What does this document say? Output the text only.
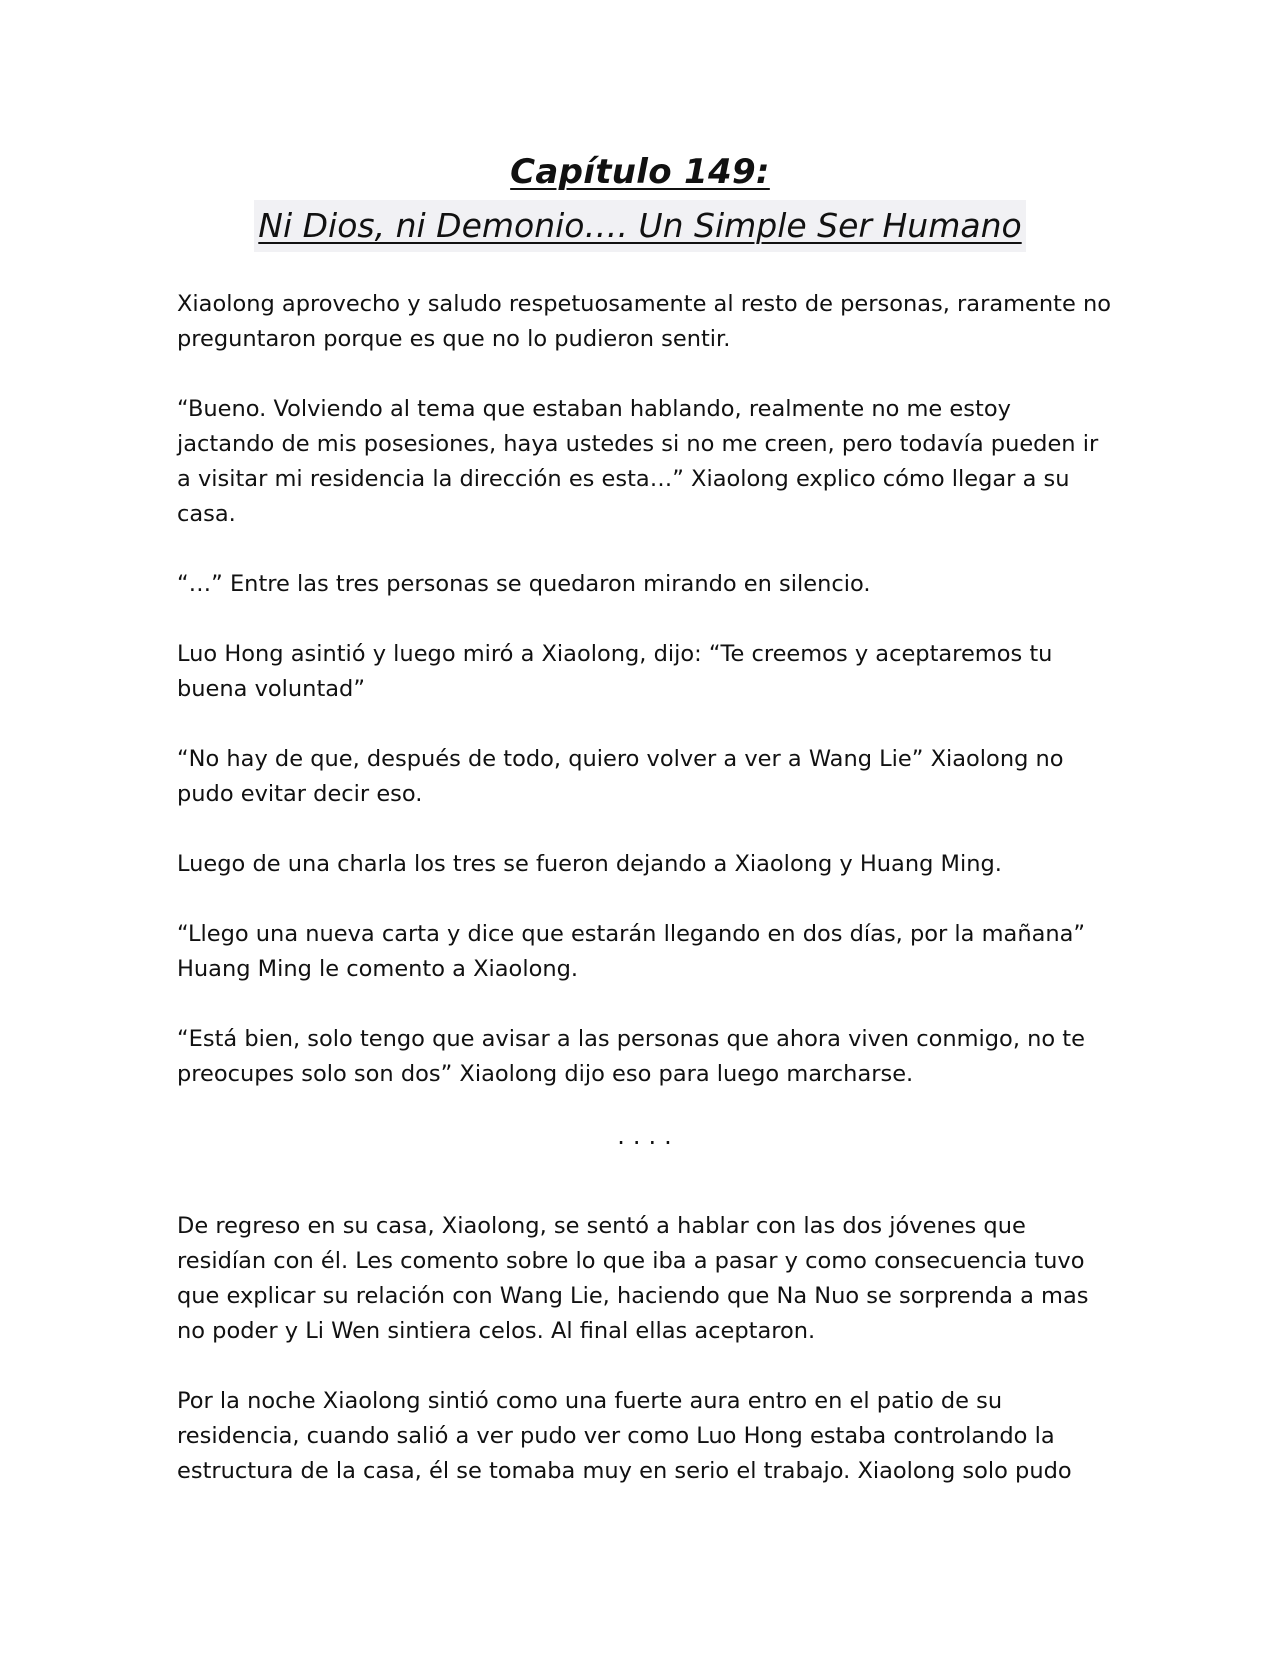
Capítulo 149:
Ni Dios, ni Demonio…. Un Simple Ser Humano

Xiaolong aprovecho y saludo respetuosamente al resto de personas, raramente no preguntaron porque es que no lo pudieron sentir.

“Bueno. Volviendo al tema que estaban hablando, realmente no me estoy jactando de mis posesiones, haya ustedes si no me creen, pero todavía pueden ir a visitar mi residencia la dirección es esta…” Xiaolong explico cómo llegar a su casa.

“…” Entre las tres personas se quedaron mirando en silencio.

Luo Hong asintió y luego miró a Xiaolong, dijo: “Te creemos y aceptaremos tu buena voluntad”

“No hay de que, después de todo, quiero volver a ver a Wang Lie” Xiaolong no pudo evitar decir eso.

Luego de una charla los tres se fueron dejando a Xiaolong y Huang Ming.

“Llego una nueva carta y dice que estarán llegando en dos días, por la mañana” Huang Ming le comento a Xiaolong.

“Está bien, solo tengo que avisar a las personas que ahora viven conmigo, no te preocupes solo son dos” Xiaolong dijo eso para luego marcharse.

....

De regreso en su casa, Xiaolong, se sentó a hablar con las dos jóvenes que residían con él. Les comento sobre lo que iba a pasar y como consecuencia tuvo que explicar su relación con Wang Lie, haciendo que Na Nuo se sorprenda a mas no poder y Li Wen sintiera celos. Al final ellas aceptaron.

Por la noche Xiaolong sintió como una fuerte aura entro en el patio de su residencia, cuando salió a ver pudo ver como Luo Hong estaba controlando la estructura de la casa, él se tomaba muy en serio el trabajo. Xiaolong solo pudo
